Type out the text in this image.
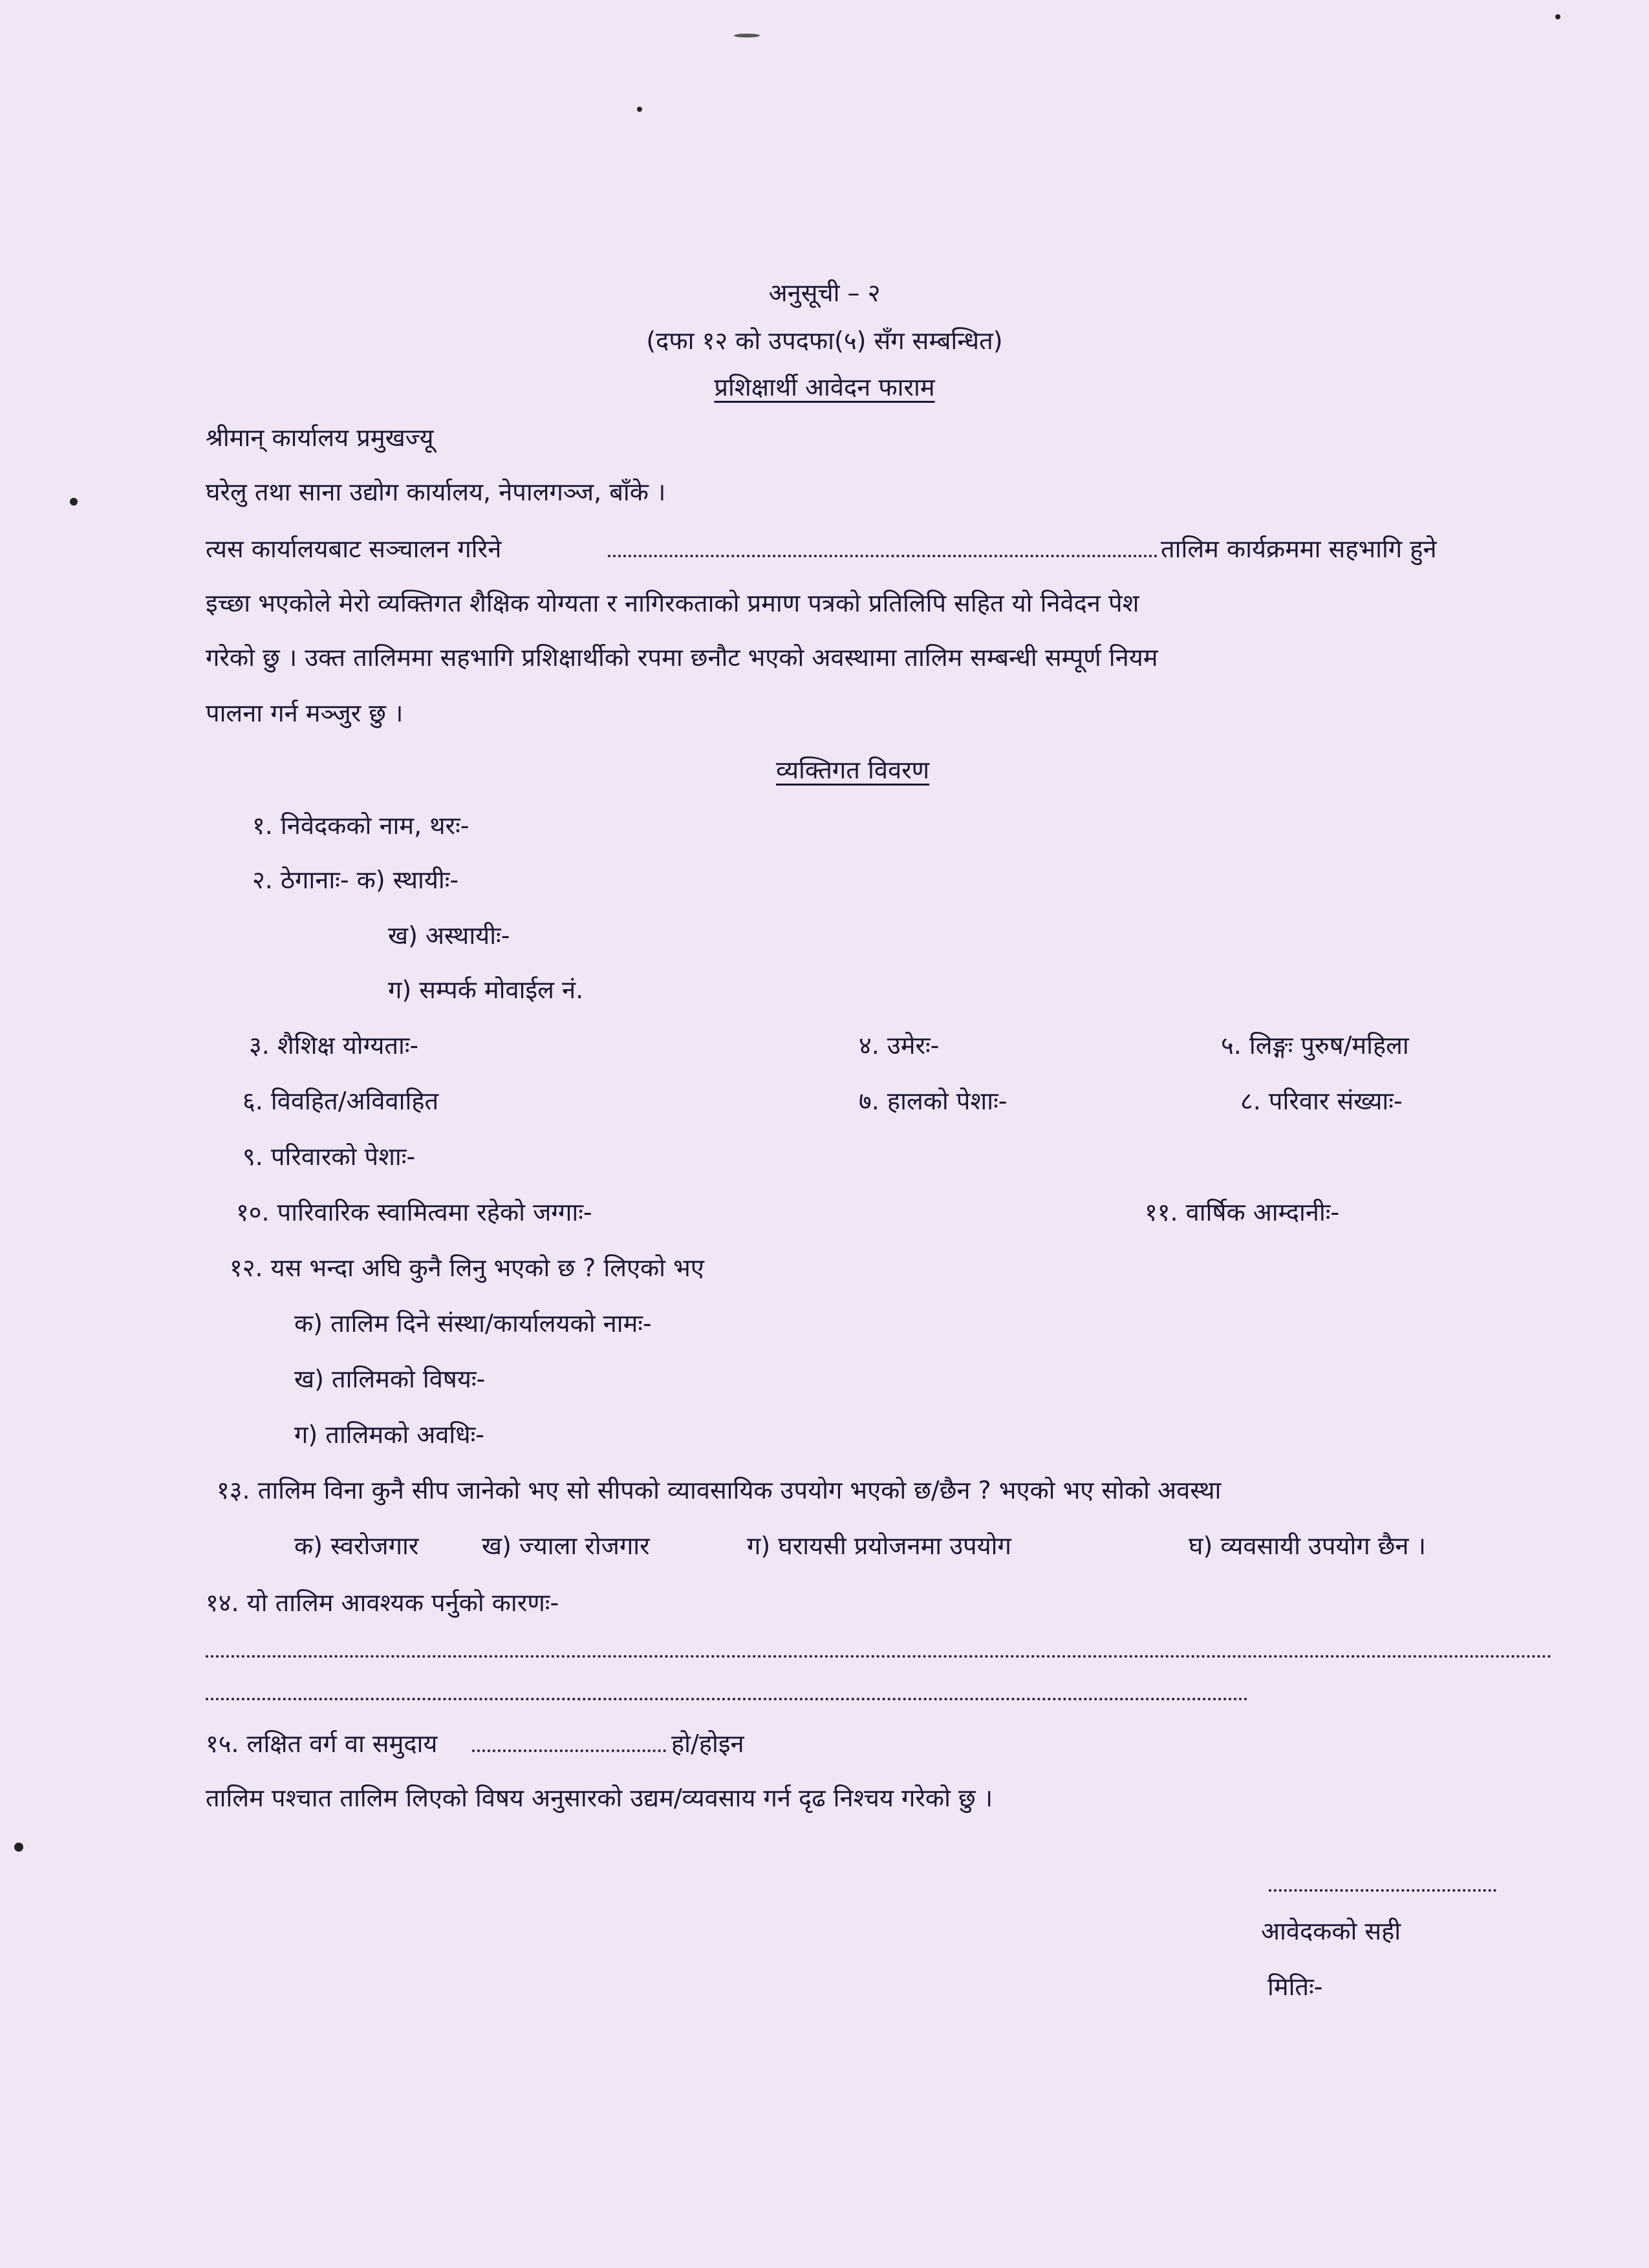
अनुसूची – २
(दफा १२ को उपदफा(५) सँग सम्बन्धित)
प्रशिक्षार्थी आवेदन फाराम
श्रीमान् कार्यालय प्रमुखज्यू
घरेलु तथा साना उद्योग कार्यालय, नेपालगञ्ज, बाँके ।
त्यस कार्यालयबाट सञ्चालन गरिने	तालिम कार्यक्रममा सहभागि हुने
इच्छा भएकोले मेरो व्यक्तिगत शैक्षिक योग्यता र नागिरकताको प्रमाण पत्रको प्रतिलिपि सहित यो निवेदन पेश
गरेको छु । उक्त तालिममा सहभागि प्रशिक्षार्थीको रपमा छनौट भएको अवस्थामा तालिम सम्बन्धी सम्पूर्ण नियम
पालना गर्न मञ्जुर छु ।
व्यक्तिगत विवरण
१. निवेदकको नाम, थरः-
२. ठेगानाः- क) स्थायीः-
ख) अस्थायीः-
ग) सम्पर्क मोवाईल नं.
३. शैशिक्ष योग्यताः-	४. उमेरः-	५. लिङ्गः पुरुष/महिला
६. विवहित/अविवाहित	७. हालको पेशाः-	८. परिवार संख्याः-
९. परिवारको पेशाः-
१०. पारिवारिक स्वामित्वमा रहेको जग्गाः-	११. वार्षिक आम्दानीः-
१२. यस भन्दा अघि कुनै लिनु भएको छ ? लिएको भए
क) तालिम दिने संस्था/कार्यालयको नामः-
ख) तालिमको विषयः-
ग) तालिमको अवधिः-
१३. तालिम विना कुनै सीप जानेको भए सो सीपको व्यावसायिक उपयोग भएको छ/छैन ? भएको भए सोको अवस्था
क) स्वरोजगार	ख) ज्याला रोजगार	ग) घरायसी प्रयोजनमा उपयोग	घ) व्यवसायी उपयोग छैन ।
१४. यो तालिम आवश्यक पर्नुको कारणः-
१५. लक्षित वर्ग वा समुदाय	हो/होइन
तालिम पश्चात तालिम लिएको विषय अनुसारको उद्यम/व्यवसाय गर्न दृढ निश्चय गरेको छु ।
आवेदकको सही
मितिः-
